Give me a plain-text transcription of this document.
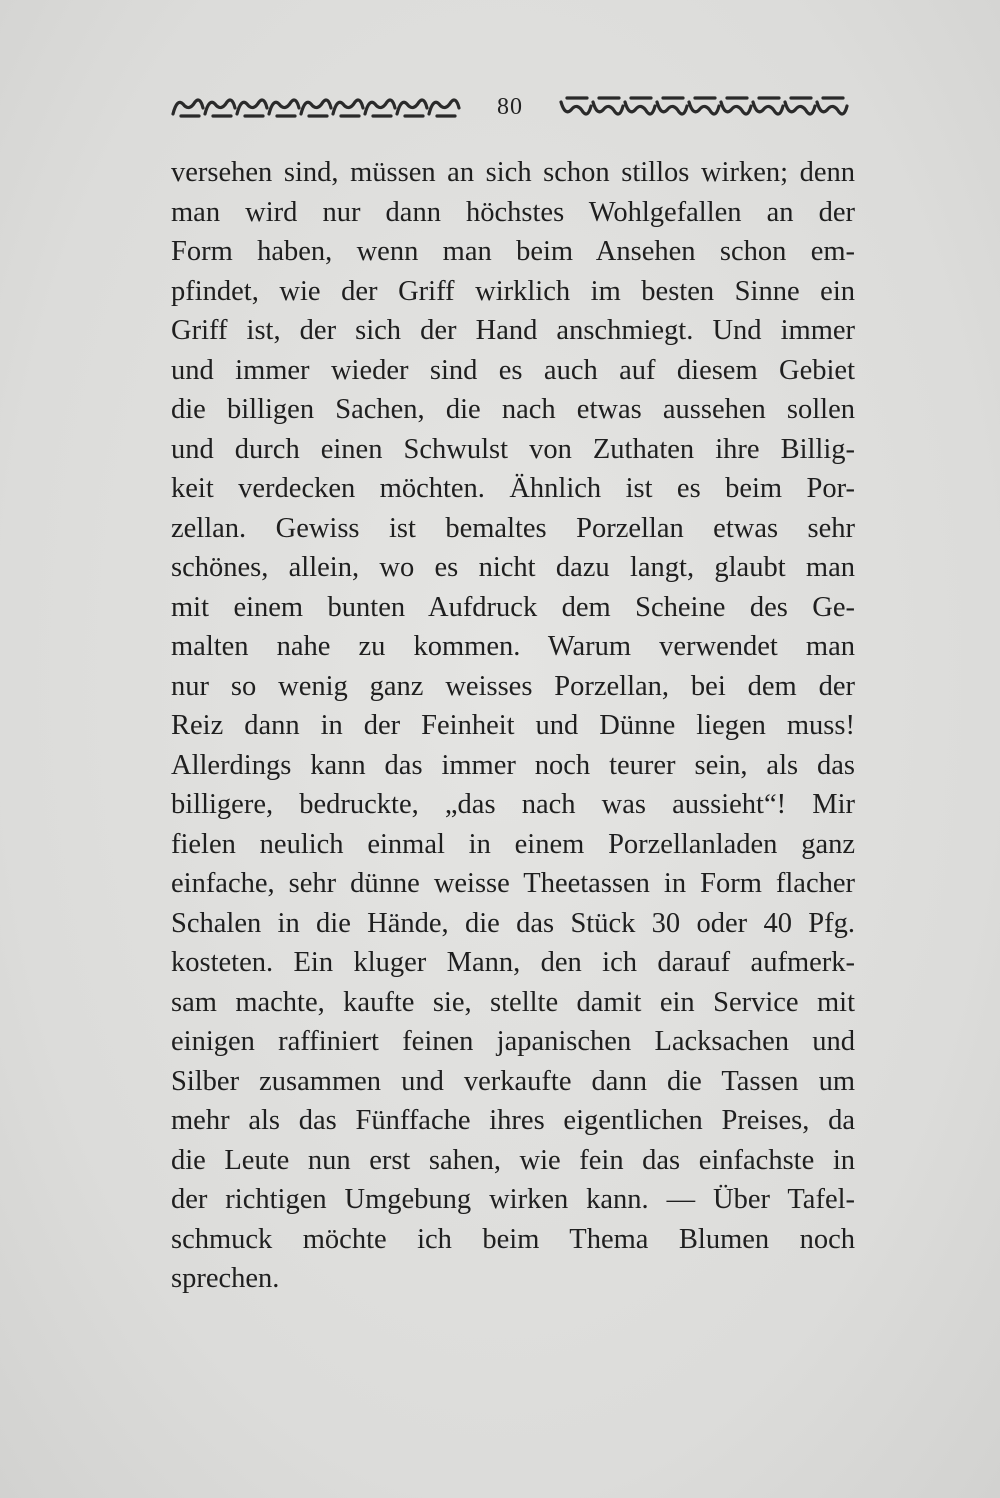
80
versehen sind, müssen an sich schon stillos wirken; denn
man wird nur dann höchstes Wohlgefallen an der
Form haben, wenn man beim Ansehen schon em-
pfindet, wie der Griff wirklich im besten Sinne ein
Griff ist, der sich der Hand anschmiegt. Und immer
und immer wieder sind es auch auf diesem Gebiet
die billigen Sachen, die nach etwas aussehen sollen
und durch einen Schwulst von Zuthaten ihre Billig-
keit verdecken möchten. Ähnlich ist es beim Por-
zellan. Gewiss ist bemaltes Porzellan etwas sehr
schönes, allein, wo es nicht dazu langt, glaubt man
mit einem bunten Aufdruck dem Scheine des Ge-
malten nahe zu kommen. Warum verwendet man
nur so wenig ganz weisses Porzellan, bei dem der
Reiz dann in der Feinheit und Dünne liegen muss!
Allerdings kann das immer noch teurer sein, als das
billigere, bedruckte, „das nach was aussieht“! Mir
fielen neulich einmal in einem Porzellanladen ganz
einfache, sehr dünne weisse Theetassen in Form flacher
Schalen in die Hände, die das Stück 30 oder 40 Pfg.
kosteten. Ein kluger Mann, den ich darauf aufmerk-
sam machte, kaufte sie, stellte damit ein Service mit
einigen raffiniert feinen japanischen Lacksachen und
Silber zusammen und verkaufte dann die Tassen um
mehr als das Fünffache ihres eigentlichen Preises, da
die Leute nun erst sahen, wie fein das einfachste in
der richtigen Umgebung wirken kann. — Über Tafel-
schmuck möchte ich beim Thema Blumen noch
sprechen.
